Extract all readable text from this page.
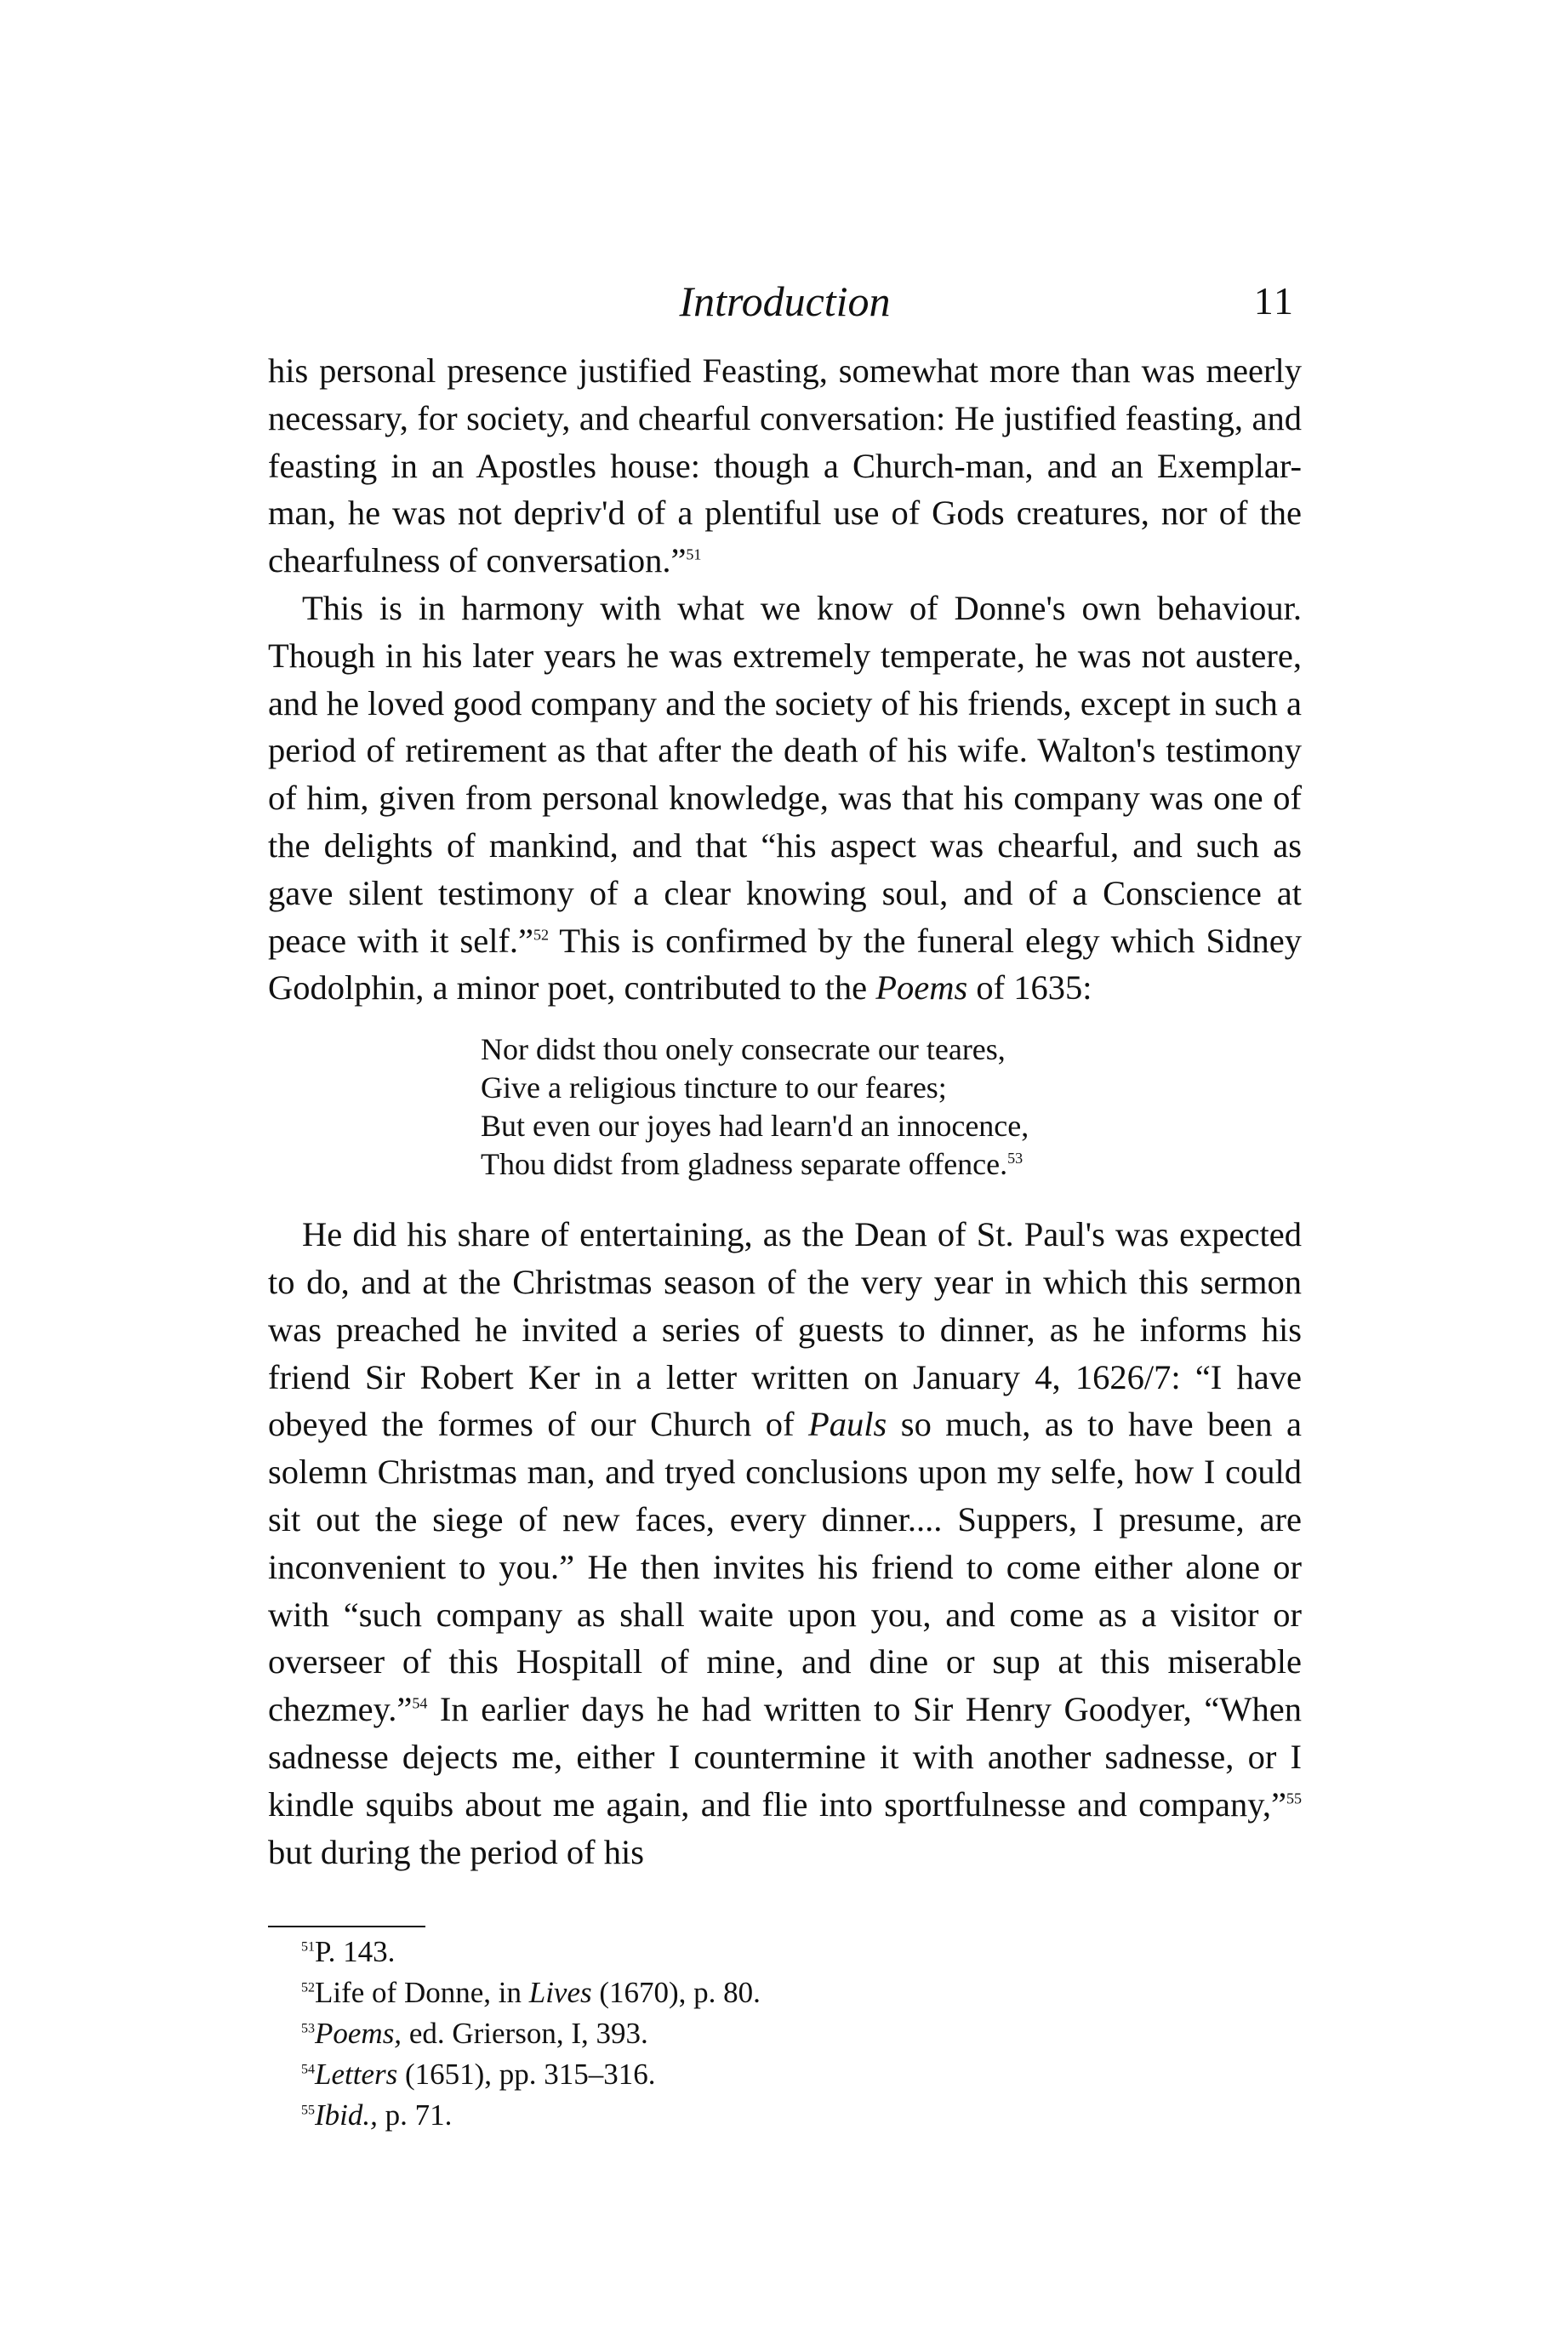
Introduction	11

his personal presence justified Feasting, somewhat more than was meerly necessary, for society, and chearful conversation: He justified feasting, and feasting in an Apostles house: though a Church-man, and an Exemplar-man, he was not depriv'd of a plentiful use of Gods creatures, nor of the chearfulness of conversation.”$^{51}$

This is in harmony with what we know of Donne's own behaviour. Though in his later years he was extremely temperate, he was not austere, and he loved good company and the society of his friends, except in such a period of retirement as that after the death of his wife. Walton's testimony of him, given from personal knowledge, was that his company was one of the delights of mankind, and that “his aspect was chearful, and such as gave silent testimony of a clear knowing soul, and of a Conscience at peace with it self.”$^{52}$ This is confirmed by the funeral elegy which Sidney Godolphin, a minor poet, contributed to the Poems of 1635:

Nor didst thou onely consecrate our teares,
Give a religious tincture to our feares;
But even our joyes had learn'd an innocence,
Thou didst from gladness separate offence.$^{53}$

He did his share of entertaining, as the Dean of St. Paul's was expected to do, and at the Christmas season of the very year in which this sermon was preached he invited a series of guests to dinner, as he informs his friend Sir Robert Ker in a letter written on January 4, 1626/7: “I have obeyed the formes of our Church of Pauls so much, as to have been a solemn Christmas man, and tryed conclusions upon my selfe, how I could sit out the siege of new faces, every dinner.... Suppers, I presume, are inconvenient to you.” He then invites his friend to come either alone or with “such company as shall waite upon you, and come as a visitor or overseer of this Hospitall of mine, and dine or sup at this miserable chezmey.”$^{54}$ In earlier days he had written to Sir Henry Goodyer, “When sadnesse dejects me, either I countermine it with another sadnesse, or I kindle squibs about me again, and flie into sportfulnesse and company,”$^{55}$ but during the period of his

$^{51}$P. 143.
$^{52}$Life of Donne, in Lives (1670), p. 80.
$^{53}$Poems, ed. Grierson, I, 393.
$^{54}$Letters (1651), pp. 315–316.
$^{55}$Ibid., p. 71.
